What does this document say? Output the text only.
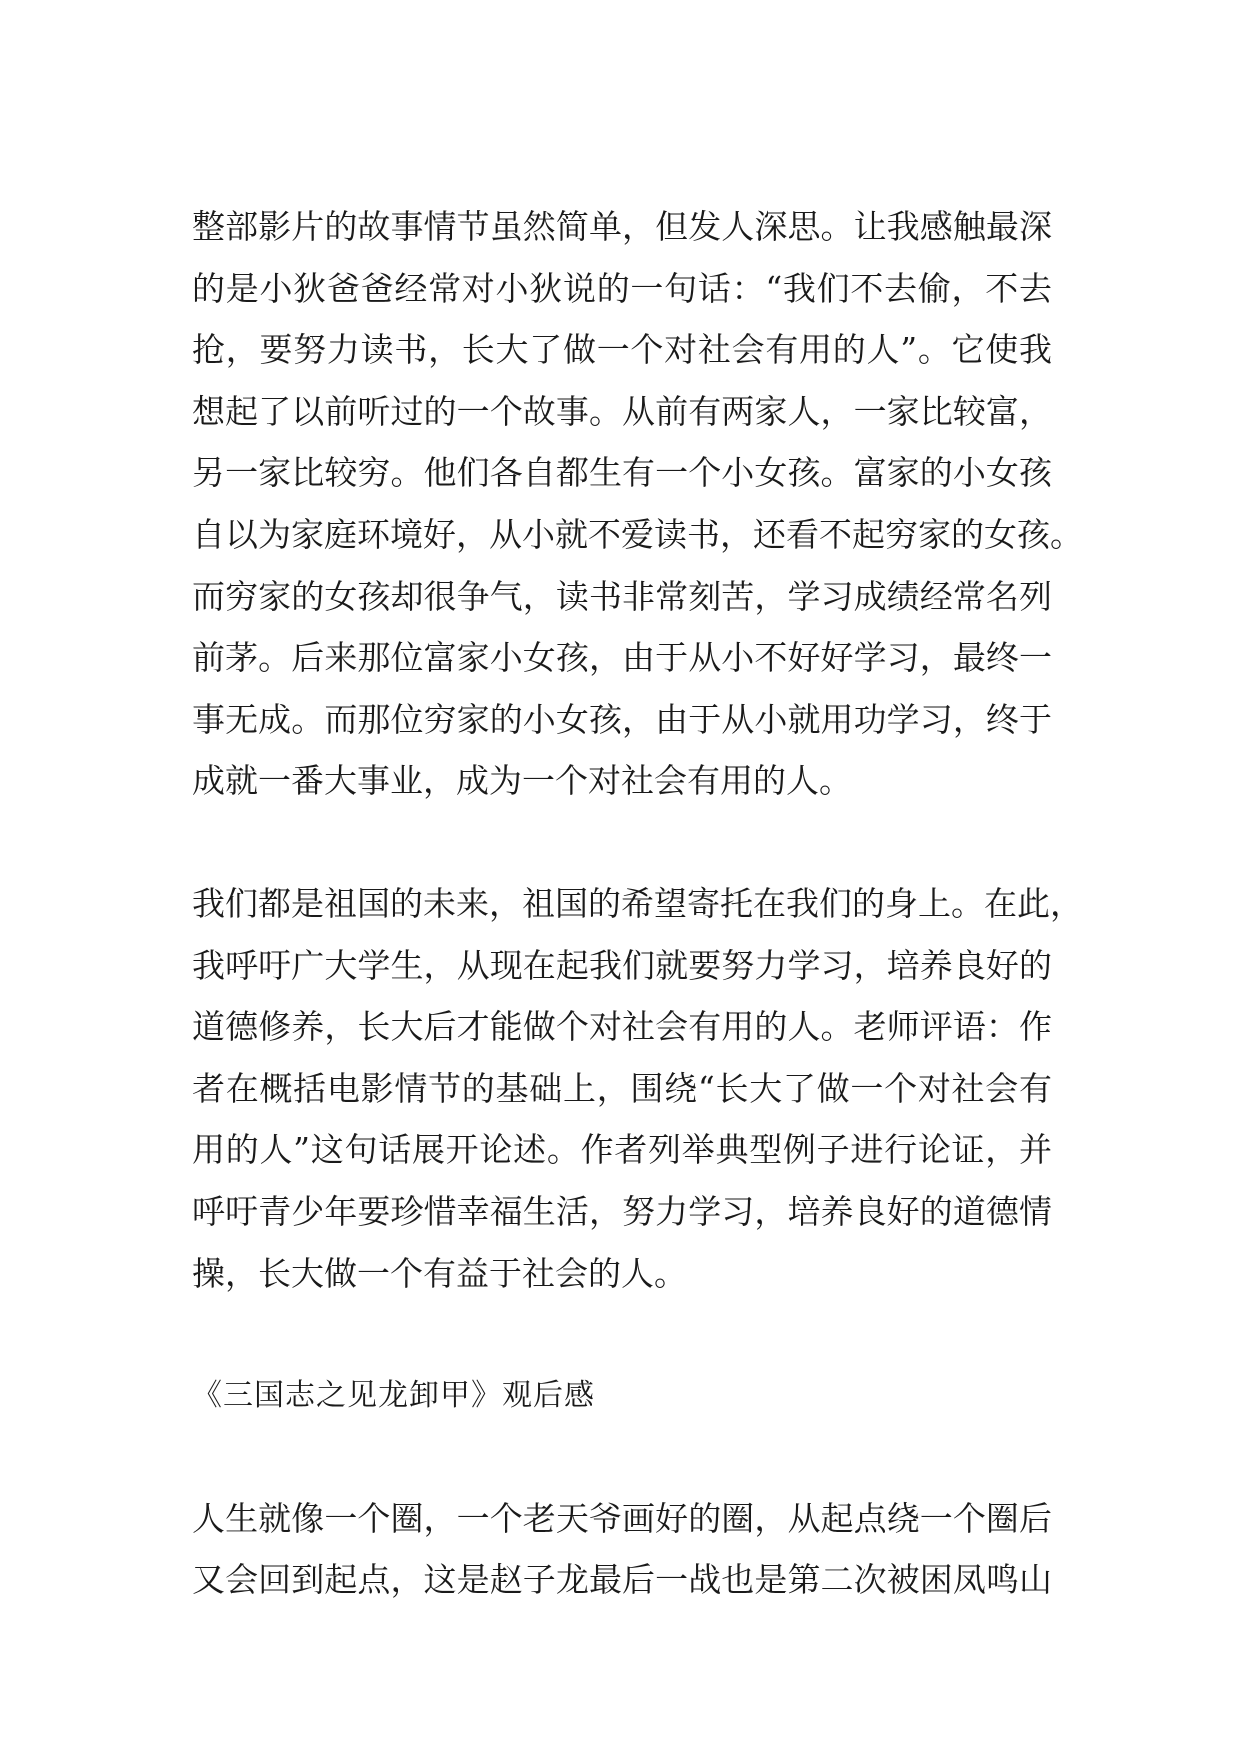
整部影片的故事情节虽然简单，但发人深思。让我感触最深
的是小狄爸爸经常对小狄说的一句话：“我们不去偷，不去
抢，要努力读书，长大了做一个对社会有用的人”。它使我
想起了以前听过的一个故事。从前有两家人，一家比较富，
另一家比较穷。他们各自都生有一个小女孩。富家的小女孩
自以为家庭环境好，从小就不爱读书，还看不起穷家的女孩。
而穷家的女孩却很争气，读书非常刻苦，学习成绩经常名列
前茅。后来那位富家小女孩，由于从小不好好学习，最终一
事无成。而那位穷家的小女孩，由于从小就用功学习，终于
成就一番大事业，成为一个对社会有用的人。
我们都是祖国的未来，祖国的希望寄托在我们的身上。在此，
我呼吁广大学生，从现在起我们就要努力学习，培养良好的
道德修养，长大后才能做个对社会有用的人。老师评语：作
者在概括电影情节的基础上，围绕“长大了做一个对社会有
用的人”这句话展开论述。作者列举典型例子进行论证，并
呼吁青少年要珍惜幸福生活，努力学习，培养良好的道德情
操，长大做一个有益于社会的人。
《三国志之见龙卸甲》观后感
人生就像一个圈，一个老天爷画好的圈，从起点绕一个圈后
又会回到起点，这是赵子龙最后一战也是第二次被困凤鸣山
